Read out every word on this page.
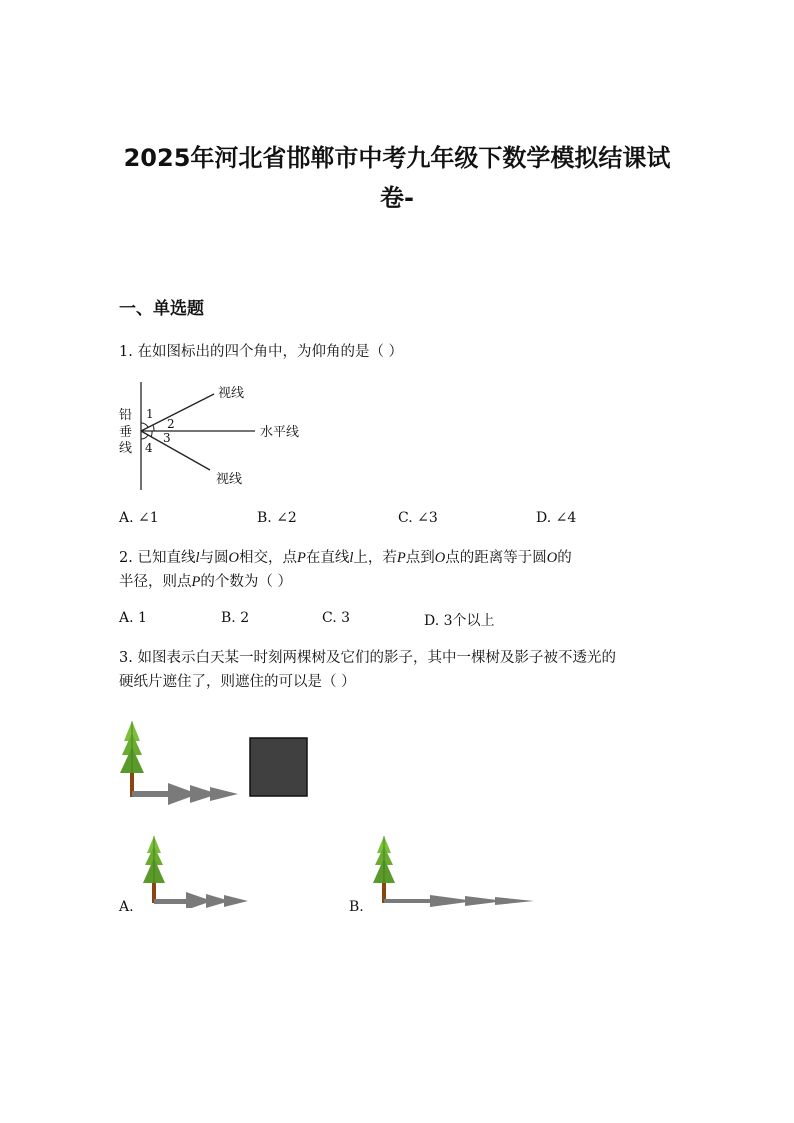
2025年河北省邯郸市中考九年级下数学模拟结课试
卷-
一、单选题
1. 在如图标出的四个角中，为仰角的是（ ）
铅
垂
线
1
2
3
4
视线
水平线
视线
A. ∠1	B. ∠2	C. ∠3	D. ∠4
2. 已知直线l与圆O相交，点P在直线l上，若P点到O点的距离等于圆O的
半径，则点P的个数为（ ）
A. 1	B. 2	C. 3	D. 3个以上
3. 如图表示白天某一时刻两棵树及它们的影子，其中一棵树及影子被不透光的
硬纸片遮住了，则遮住的可以是（ ）
A.	B.
